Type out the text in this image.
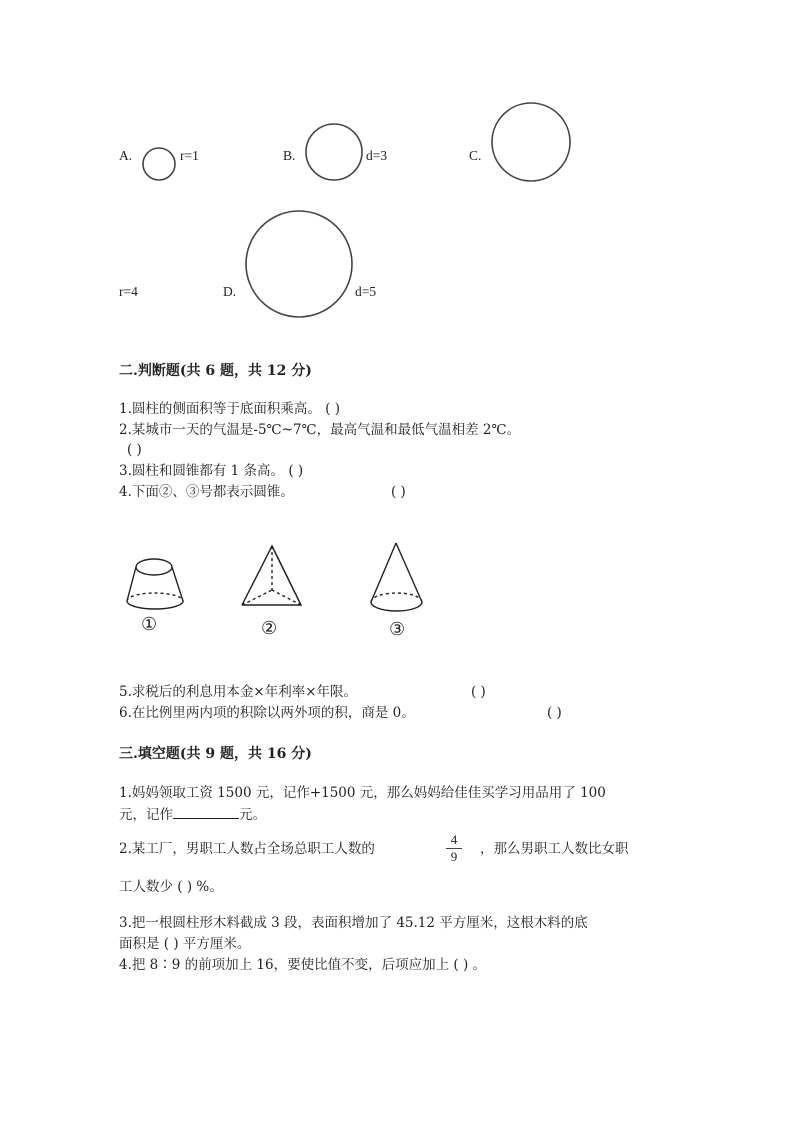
A.	r=1	B.	d=3	C.
r=4	D.	d=5
二.判断题(共 6 题，共 12 分)
1.圆柱的侧面积等于底面积乘高。 ( )
2.某城市一天的气温是-5℃~7℃，最高气温和最低气温相差 2℃。
( )
3.圆柱和圆锥都有 1 条高。 ( )
4.下面②、③号都表示圆锥。	( )
①	②	③
5.求税后的利息用本金×年利率×年限。	( )
6.在比例里两内项的积除以两外项的积，商是 0。	( )
三.填空题(共 9 题，共 16 分)
1.妈妈领取工资 1500 元，记作+1500 元，那么妈妈给佳佳买学习用品用了 100
元，记作	元。
2.某工厂，男职工人数占全场总职工人数的	$\frac{4}{9}$ ，那么男职工人数比女职
工人数少 ( ) %。
3.把一根圆柱形木料截成 3 段，表面积增加了 45.12 平方厘米，这根木料的底
面积是 ( ) 平方厘米。
4.把 8∶9 的前项加上 16，要使比值不变，后项应加上 ( ) 。
